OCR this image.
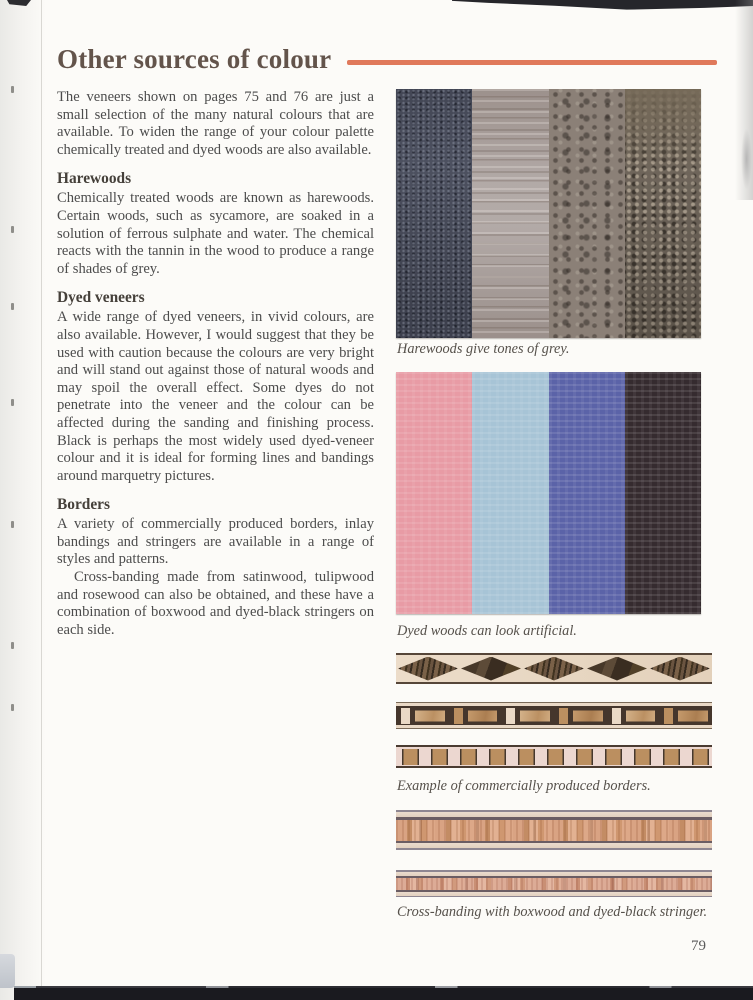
Other sources of colour

The veneers shown on pages 75 and 76 are just a small selection of the many natural colours that are available. To widen the range of your colour palette chemically treated and dyed woods are also available.

Harewoods

Chemically treated woods are known as harewoods. Certain woods, such as sycamore, are soaked in a solution of ferrous sulphate and water. The chemical reacts with the tannin in the wood to produce a range of shades of grey.

Dyed veneers

A wide range of dyed veneers, in vivid colours, are also available. However, I would suggest that they be used with caution because the colours are very bright and will stand out against those of natural woods and may spoil the overall effect. Some dyes do not penetrate into the veneer and the colour can be affected during the sanding and finishing process. Black is perhaps the most widely used dyed-veneer colour and it is ideal for forming lines and bandings around marquetry pictures.

Borders

A variety of commercially produced borders, inlay bandings and stringers are available in a range of styles and patterns.

Cross-banding made from satinwood, tulipwood and rosewood can also be obtained, and these have a combination of boxwood and dyed-black stringers on each side.

Harewoods give tones of grey.
Dyed woods can look artificial.
Example of commercially produced borders.
Cross-banding with boxwood and dyed-black stringer.
79
